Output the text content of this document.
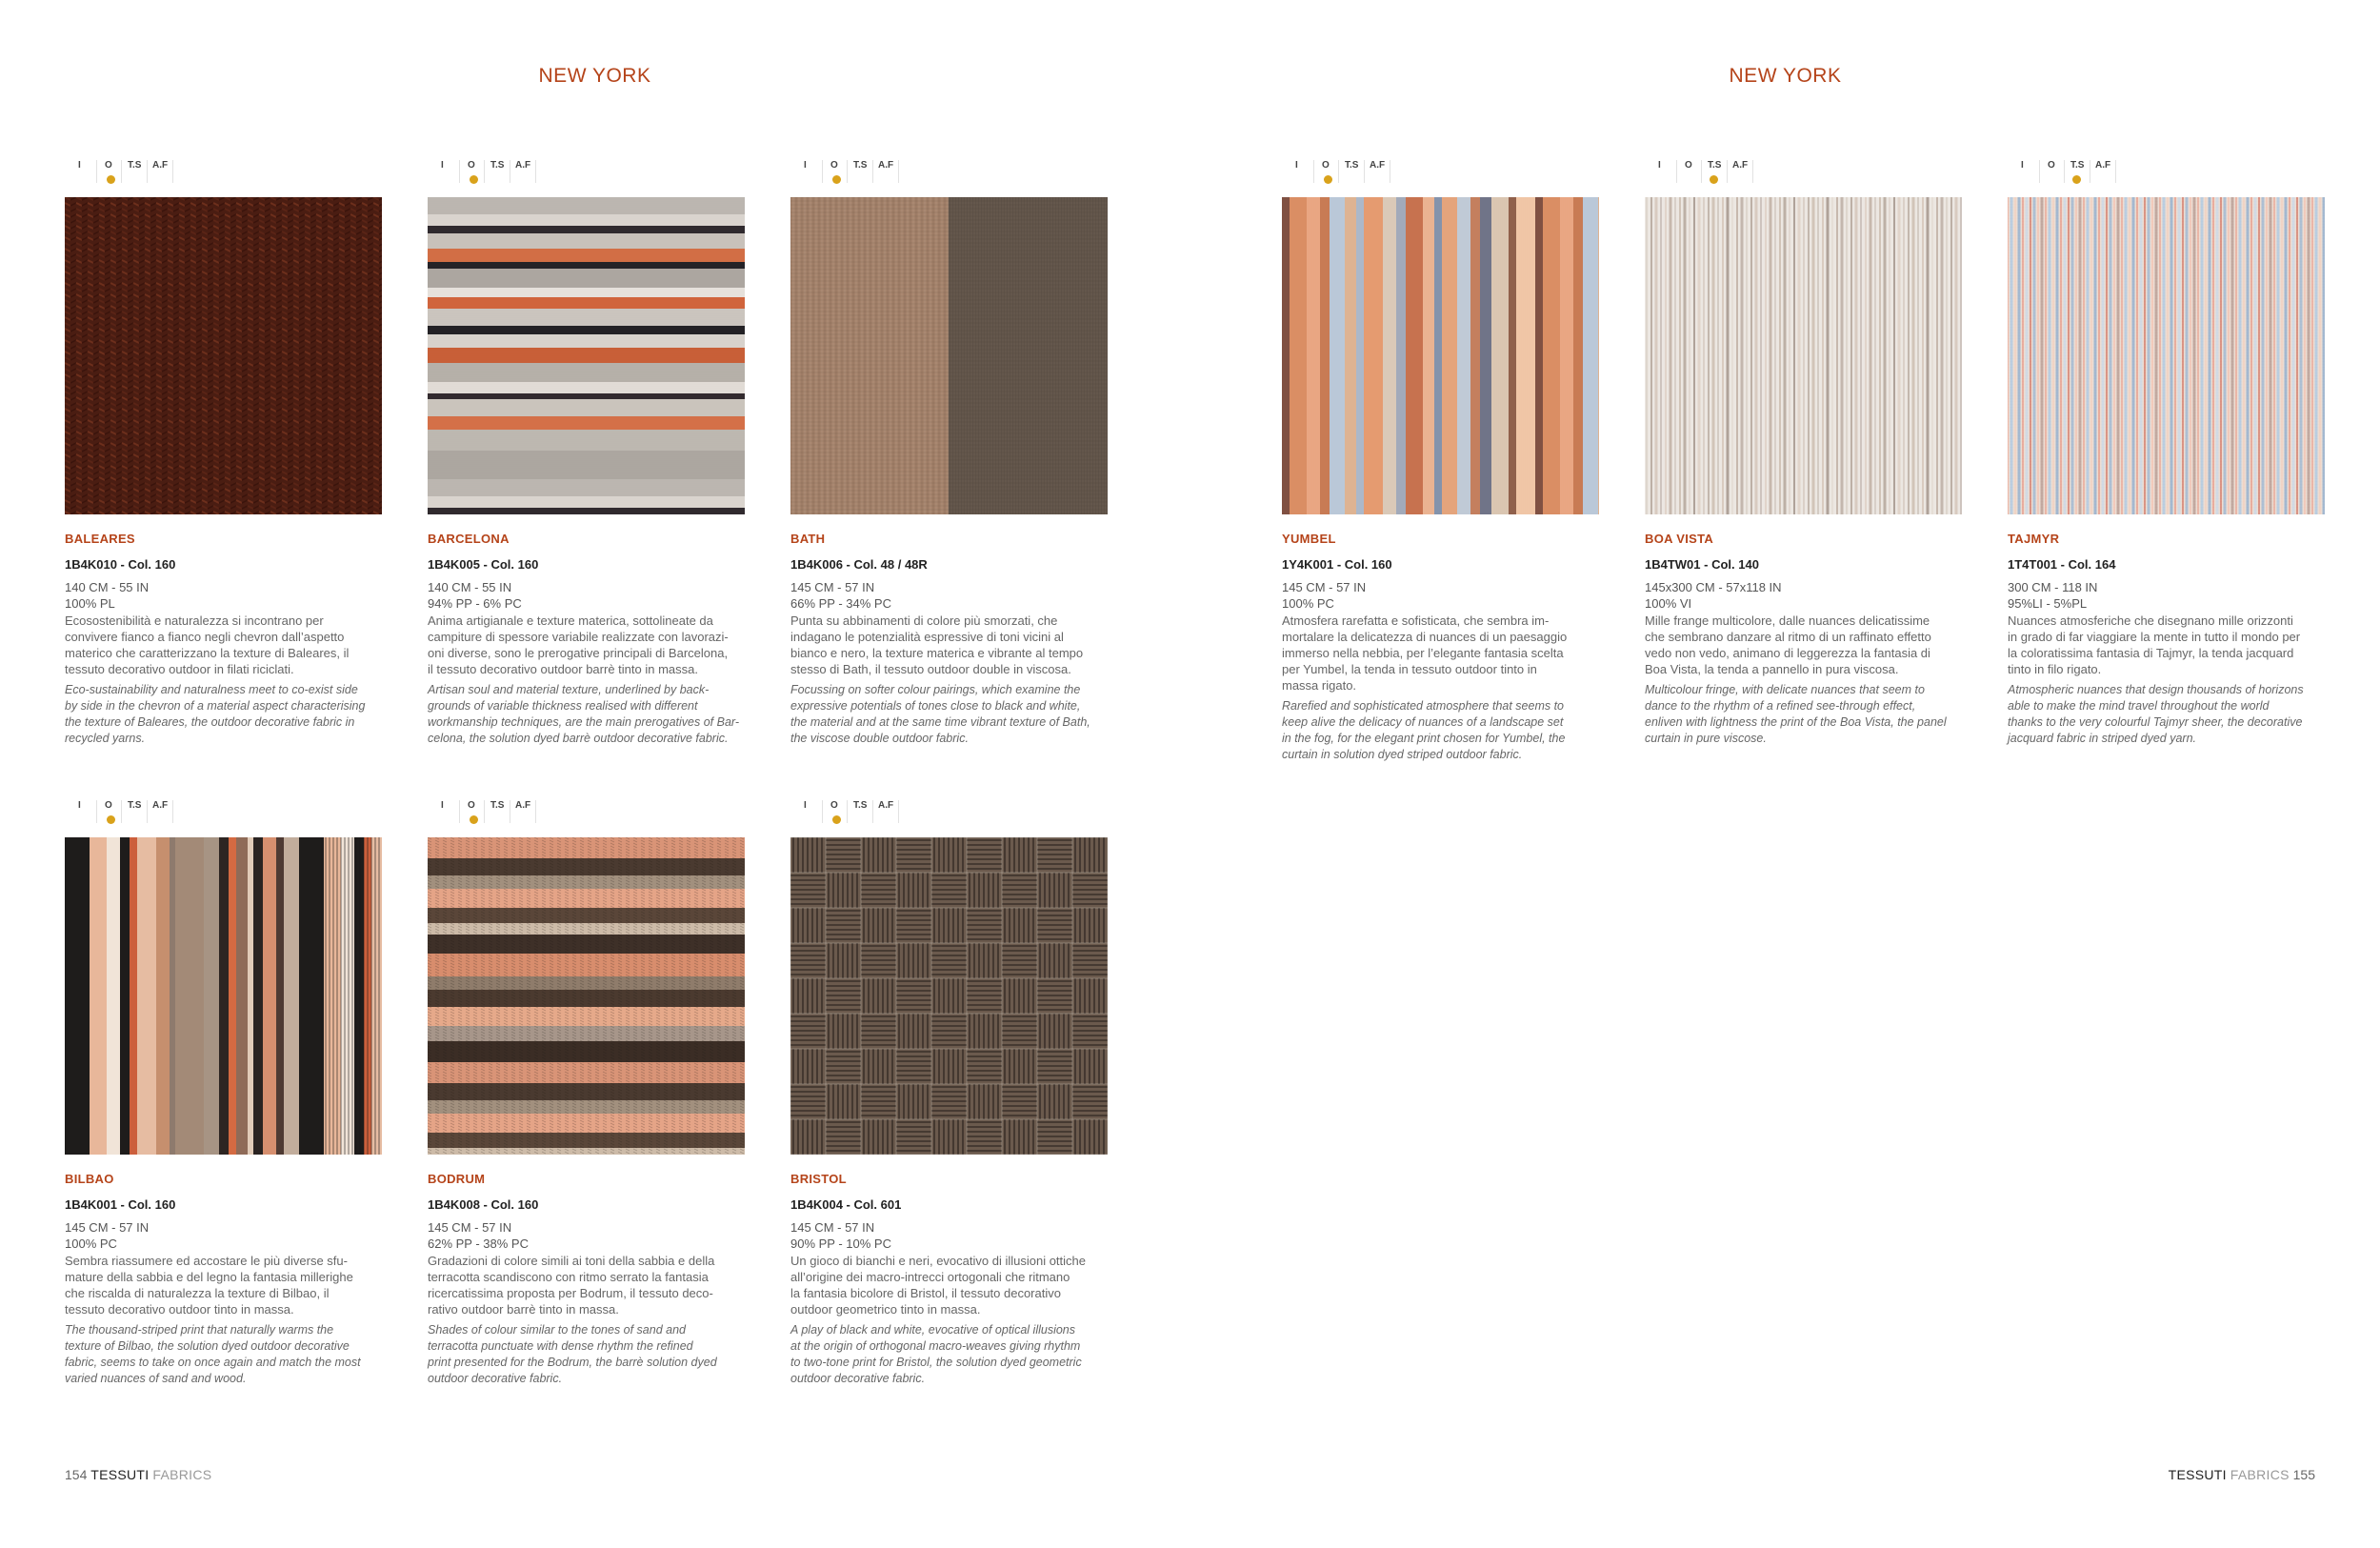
NEW YORK
I	O T.S A.F
BALEARES
1B4K010 - Col. 160
140 CM - 55 IN
100% PL
Ecosostenibilità e naturalezza si incontrano per
convivere fianco a fianco negli chevron dall’aspetto
materico che caratterizzano la texture di Baleares, il
tessuto decorativo outdoor in filati riciclati.
Eco-sustainability and naturalness meet to co-exist side
by side in the chevron of a material aspect characterising
the texture of Baleares, the outdoor decorative fabric in
recycled yarns.
I	O T.S A.F
BARCELONA
1B4K005 - Col. 160
140 CM - 55 IN
94% PP - 6% PC
Anima artigianale e texture materica, sottolineate da
campiture di spessore variabile realizzate con lavorazi-
oni diverse, sono le prerogative principali di Barcelona,
il tessuto decorativo outdoor barrè tinto in massa.
Artisan soul and material texture, underlined by back-
grounds of variable thickness realised with different
workmanship techniques, are the main prerogatives of Bar-
celona, the solution dyed barrè outdoor decorative fabric.
I	O T.S A.F
BATH
1B4K006 - Col. 48 / 48R
145 CM - 57 IN
66% PP - 34% PC
Punta su abbinamenti di colore più smorzati, che
indagano le potenzialità espressive di toni vicini al
bianco e nero, la texture materica e vibrante al tempo
stesso di Bath, il tessuto outdoor double in viscosa.
Focussing on softer colour pairings, which examine the
expressive potentials of tones close to black and white,
the material and at the same time vibrant texture of Bath,
the viscose double outdoor fabric.
I	O T.S A.F
BILBAO
1B4K001 - Col. 160
145 CM - 57 IN
100% PC
Sembra riassumere ed accostare le più diverse sfu-
mature della sabbia e del legno la fantasia millerighe
che riscalda di naturalezza la texture di Bilbao, il
tessuto decorativo outdoor tinto in massa.
The thousand-striped print that naturally warms the
texture of Bilbao, the solution dyed outdoor decorative
fabric, seems to take on once again and match the most
varied nuances of sand and wood.
I	O T.S A.F
BODRUM
1B4K008 - Col. 160
145 CM - 57 IN
62% PP - 38% PC
Gradazioni di colore simili ai toni della sabbia e della
terracotta scandiscono con ritmo serrato la fantasia
ricercatissima proposta per Bodrum, il tessuto deco-
rativo outdoor barrè tinto in massa.
Shades of colour similar to the tones of sand and
terracotta punctuate with dense rhythm the refined
print presented for the Bodrum, the barrè solution dyed
outdoor decorative fabric.
I	O T.S A.F
BRISTOL
1B4K004 - Col. 601
145 CM - 57 IN
90% PP - 10% PC
Un gioco di bianchi e neri, evocativo di illusioni ottiche
all’origine dei macro-intrecci ortogonali che ritmano
la fantasia bicolore di Bristol, il tessuto decorativo
outdoor geometrico tinto in massa.
A play of black and white, evocative of optical illusions
at the origin of orthogonal macro-weaves giving rhythm
to two-tone print for Bristol, the solution dyed geometric
outdoor decorative fabric.
154 TESSUTI FABRICS
NEW YORK
I	O T.S A.F
YUMBEL
1Y4K001 - Col. 160
145 CM - 57 IN
100% PC
Atmosfera rarefatta e sofisticata, che sembra im-
mortalare la delicatezza di nuances di un paesaggio
immerso nella nebbia, per l’elegante fantasia scelta
per Yumbel, la tenda in tessuto outdoor tinto in
massa rigato.
Rarefied and sophisticated atmosphere that seems to
keep alive the delicacy of nuances of a landscape set
in the fog, for the elegant print chosen for Yumbel, the
curtain in solution dyed striped outdoor fabric.
I	O T.S A.F
BOA VISTA
1B4TW01 - Col. 140
145x300 CM - 57x118 IN
100% VI
Mille frange multicolore, dalle nuances delicatissime
che sembrano danzare al ritmo di un raffinato effetto
vedo non vedo, animano di leggerezza la fantasia di
Boa Vista, la tenda a pannello in pura viscosa.
Multicolour fringe, with delicate nuances that seem to
dance to the rhythm of a refined see-through effect,
enliven with lightness the print of the Boa Vista, the panel
curtain in pure viscose.
I	O T.S A.F
TAJMYR
1T4T001 - Col. 164
300 CM - 118 IN
95%LI - 5%PL
Nuances atmosferiche che disegnano mille orizzonti
in grado di far viaggiare la mente in tutto il mondo per
la coloratissima fantasia di Tajmyr, la tenda jacquard
tinto in filo rigato.
Atmospheric nuances that design thousands of horizons
able to make the mind travel throughout the world
thanks to the very colourful Tajmyr sheer, the decorative
jacquard fabric in striped dyed yarn.
TESSUTI FABRICS 155
